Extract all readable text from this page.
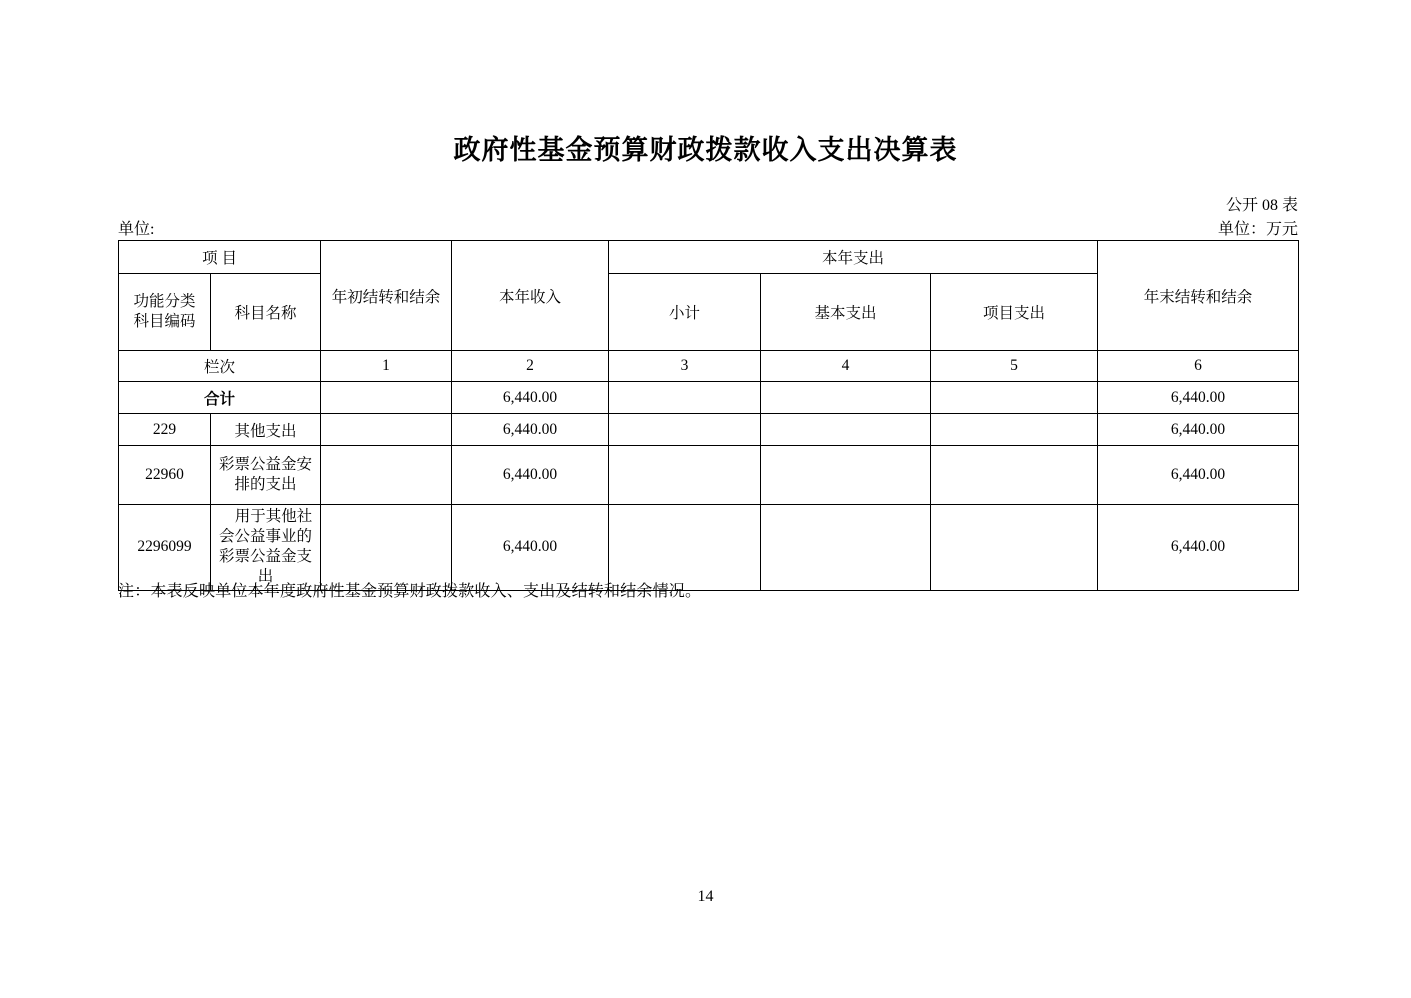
政府性基金预算财政拨款收入支出决算表
公开 08 表
单位:	单位：万元
项 目		年初结转和结余	本年收入	本年支出			年末结转和结余

功能分类
科目编码	科目名称			小计	基本支出	项目支出	
栏次		1	2	3	4	5	6
合计			6,440.00				6,440.00
229	其他支出		6,440.00				6,440.00
22960	彩票公益金安排的支出		6,440.00				6,440.00
2296099	用于其他社会公益事业的彩票公益金支出		6,440.00				6,440.00
注：本表反映单位本年度政府性基金预算财政拨款收入、支出及结转和结余情况。
14
